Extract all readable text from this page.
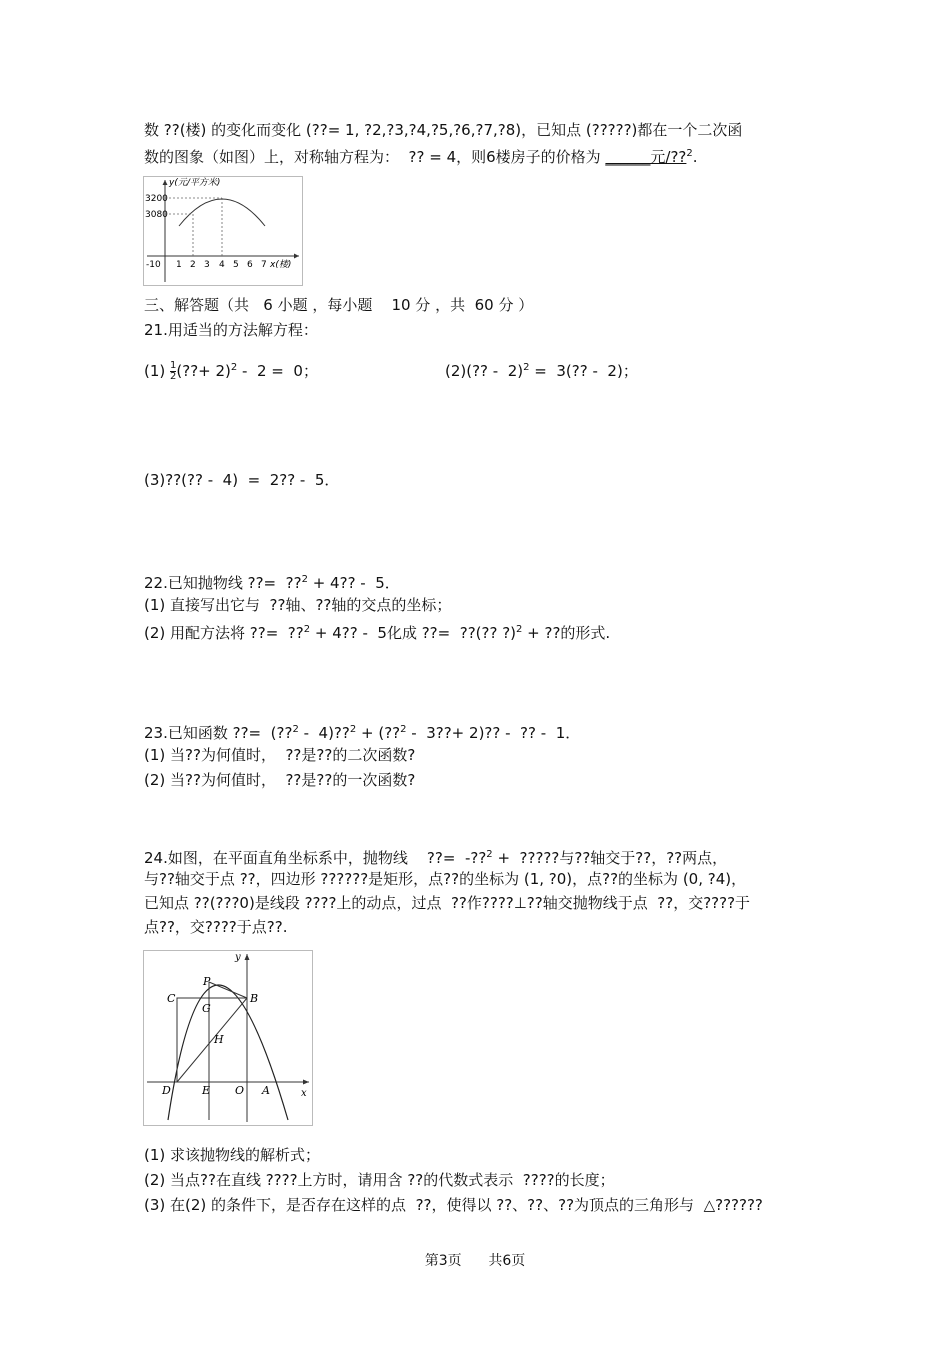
数 ??(楼) 的变化而变化 (??= 1, ?2,?3,?4,?5,?6,?7,?8)，已知点 (?????)都在一个二次函
数的图象（如图）上，对称轴方程为：  ?? = 4，则6楼房子的价格为 ______元/??$^2$.
y(元/平方米)
3200
3080
-1 0 1 2 3 4 5 6 7 x(楼)
三、解答题（共   6 小题 ，每小题    10 分 ，共  60 分 ）
21.用适当的方法解方程：
$(1) \frac{1}{2}$ (??+ 2)$^2$ -  2 =  0；	(2)(?? -  2)$^2$ =  3(?? -  2)；
(3)??(?? -  4)  =  2?? -  5．
22.已知抛物线 ??=  ??$^2$ + 4?? -  5．
(1) 直接写出它与  ??轴、??轴的交点的坐标；
(2) 用配方法将 ??=  ??$^2$ + 4?? -  5化成 ??=  ??(?? ?)$^2$ + ??的形式.
23.已知函数 ??=  (??$^2$ -  4)??$^2$ + (??$^2$ -  3??+ 2)?? -  ?? -  1．
(1) 当??为何值时，  ??是??的二次函数?
(2) 当??为何值时，  ??是??的一次函数?
24.如图，在平面直角坐标系中，抛物线    ??=  -??$^2$ +  ?????与??轴交于??，??两点，
与??轴交于点 ??，四边形 ??????是矩形，点??的坐标为 (1, ?0)，点??的坐标为 (0, ?4)，
已知点 ??(???0)是线段 ????上的动点，过点  ??作????⊥??轴交抛物线于点  ??，交????于
点??，交????于点??.
P
C	B
G
H
D	E O A	x
y
(1) 求该抛物线的解析式；
(2) 当点??在直线 ????上方时，请用含 ??的代数式表示  ????的长度；
(3) 在(2) 的条件下，是否存在这样的点  ??，使得以 ??、??、??为顶点的三角形与  △??????
第3页      共6页
